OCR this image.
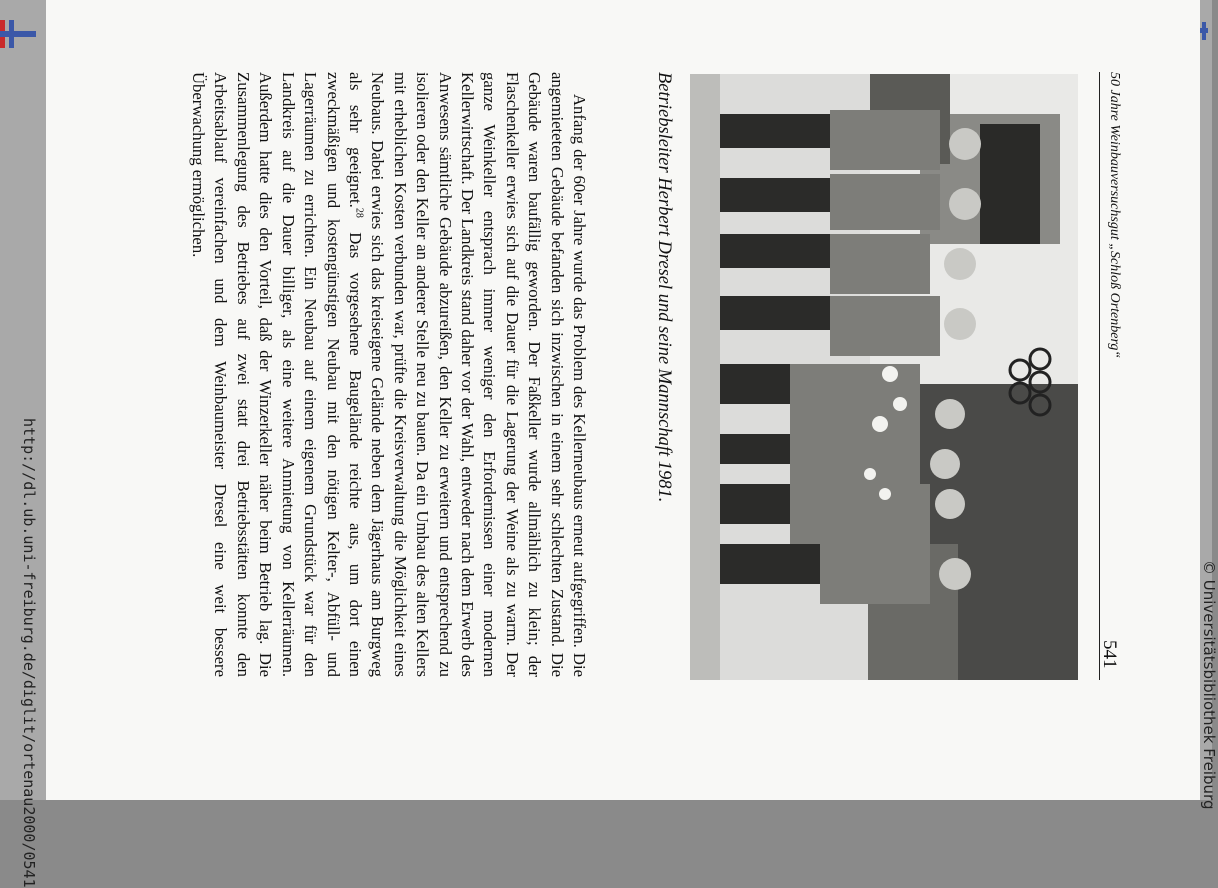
http://dl.ub.uni-freiburg.de/diglit/ortenau2000/0541
50 Jahre Weinbauversuchsgut „Schloß Ortenberg“
541
Betriebsleiter Herbert Dresel und seine Mannschaft 1981.

Anfang der 60er Jahre wurde das Problem des Kellerneubaus erneut aufgegriffen. Die angemieteten Gebäude befanden sich inzwischen in einem sehr schlechten Zustand. Die Gebäude waren baufällig geworden. Der Faßkeller wurde allmählich zu klein; der Flaschenkeller erwies sich auf die Dauer für die Lagerung der Weine als zu warm. Der ganze Weinkeller entsprach immer weniger den Erfordernissen einer modernen Kellerwirtschaft. Der Landkreis stand daher vor der Wahl, entweder nach dem Erwerb des Anwesens sämtliche Gebäude abzureißen, den Keller zu erweitern und entsprechend zu isolieren oder den Keller an anderer Stelle neu zu bauen. Da ein Umbau des alten Kellers mit erheblichen Kosten verbunden war, prüfte die Kreisverwaltung die Möglichkeit eines Neubaus. Dabei erwies sich das kreiseigene Gelände neben dem Jägerhaus am Burgweg als sehr geeignet.$^{28}$ Das vorgesehene Baugelände reichte aus, um dort einen zweckmäßigen und kostengünstigen Neubau mit den nötigen Kelter-, Abfüll- und Lagerräumen zu errichten. Ein Neubau auf einem eigenem Grundstück war für den Landkreis auf die Dauer billiger, als eine weitere Anmietung von Kellerräumen. Außerdem hatte dies den Vorteil, daß der Winzerkeller näher beim Betrieb lag. Die Zusammenlegung des Betriebes auf zwei statt drei Betriebsstätten konnte den Arbeitsablauf vereinfachen und dem Weinbaumeister Dresel eine weit bessere Überwachung ermöglichen.

© Universitätsbibliothek Freiburg
